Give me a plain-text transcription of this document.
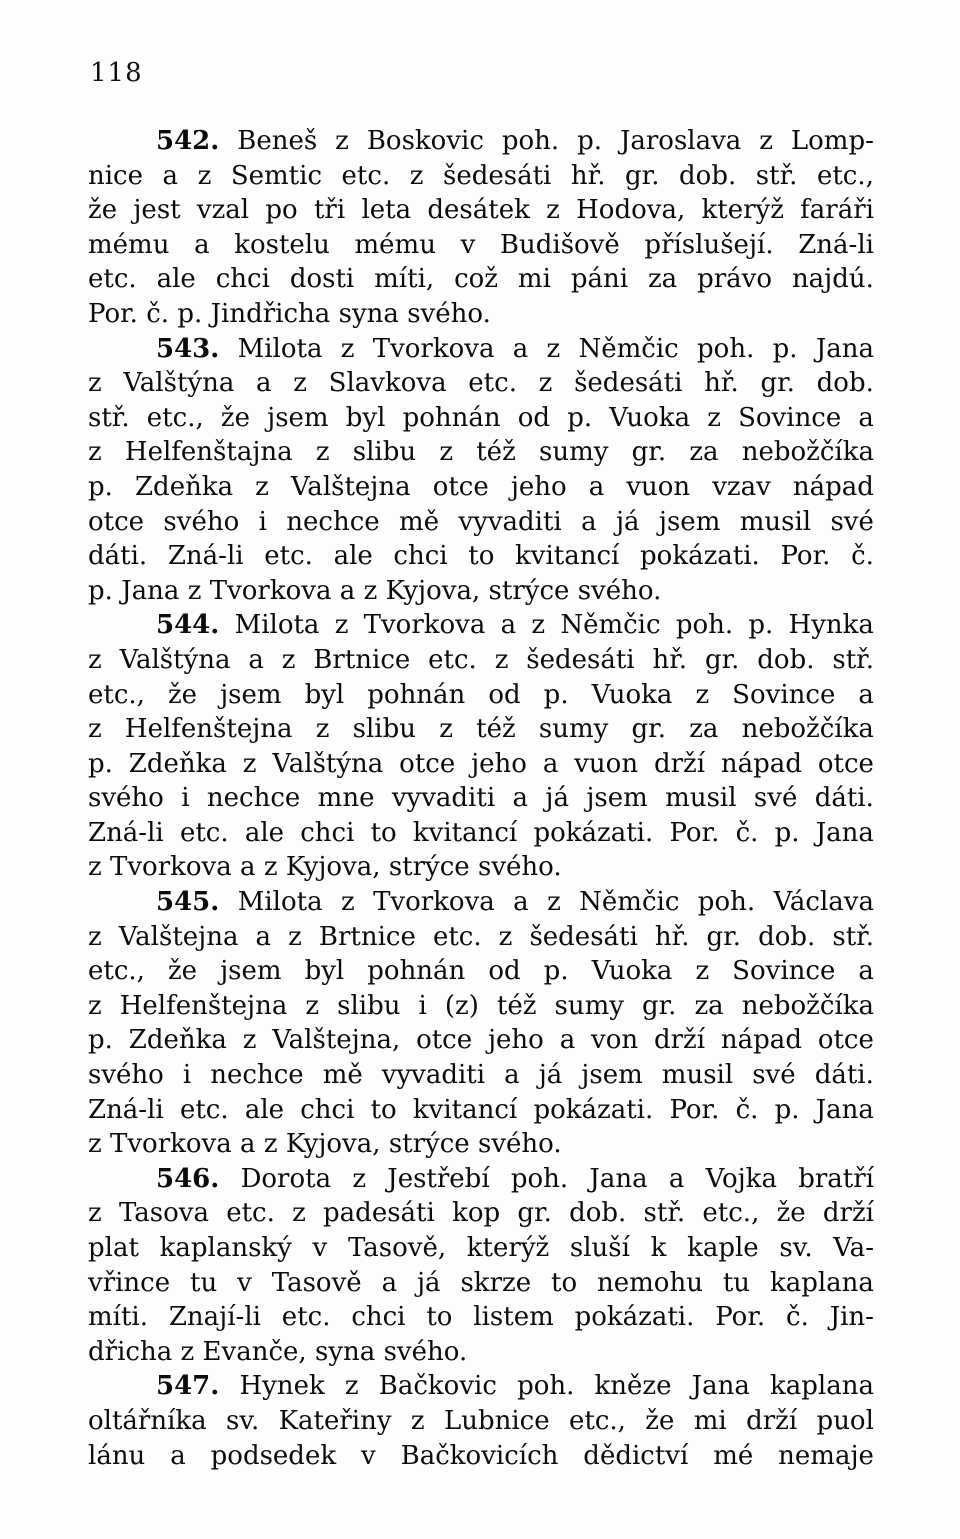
118
542. Beneš z Boskovic poh. p. Jaroslava z Lomp-
nice a z Semtic etc. z šedesáti hř. gr. dob. stř. etc.,
že jest vzal po tři leta desátek z Hodova, kterýž faráři
mému a kostelu mému v Budišově příslušejí. Zná-li
etc. ale chci dosti míti, což mi páni za právo najdú.
Por. č. p. Jindřicha syna svého.
543. Milota z Tvorkova a z Němčic poh. p. Jana
z Valštýna a z Slavkova etc. z šedesáti hř. gr. dob.
stř. etc., že jsem byl pohnán od p. Vuoka z Sovince a
z Helfenštajna z slibu z též sumy gr. za nebožčíka
p. Zdeňka z Valštejna otce jeho a vuon vzav nápad
otce svého i nechce mě vyvaditi a já jsem musil své
dáti. Zná-li etc. ale chci to kvitancí pokázati. Por. č.
p. Jana z Tvorkova a z Kyjova, strýce svého.
544. Milota z Tvorkova a z Němčic poh. p. Hynka
z Valštýna a z Brtnice etc. z šedesáti hř. gr. dob. stř.
etc., že jsem byl pohnán od p. Vuoka z Sovince a
z Helfenštejna z slibu z též sumy gr. za nebožčíka
p. Zdeňka z Valštýna otce jeho a vuon drží nápad otce
svého i nechce mne vyvaditi a já jsem musil své dáti.
Zná-li etc. ale chci to kvitancí pokázati. Por. č. p. Jana
z Tvorkova a z Kyjova, strýce svého.
545. Milota z Tvorkova a z Němčic poh. Václava
z Valštejna a z Brtnice etc. z šedesáti hř. gr. dob. stř.
etc., že jsem byl pohnán od p. Vuoka z Sovince a
z Helfenštejna z slibu i (z) též sumy gr. za nebožčíka
p. Zdeňka z Valštejna, otce jeho a von drží nápad otce
svého i nechce mě vyvaditi a já jsem musil své dáti.
Zná-li etc. ale chci to kvitancí pokázati. Por. č. p. Jana
z Tvorkova a z Kyjova, strýce svého.
546. Dorota z Jestřebí poh. Jana a Vojka bratří
z Tasova etc. z padesáti kop gr. dob. stř. etc., že drží
plat kaplanský v Tasově, kterýž sluší k kaple sv. Va-
vřince tu v Tasově a já skrze to nemohu tu kaplana
míti. Znají-li etc. chci to listem pokázati. Por. č. Jin-
dřicha z Evanče, syna svého.
547. Hynek z Bačkovic poh. kněze Jana kaplana
oltářníka sv. Kateřiny z Lubnice etc., že mi drží puol
lánu a podsedek v Bačkovicích dědictví mé nemaje
